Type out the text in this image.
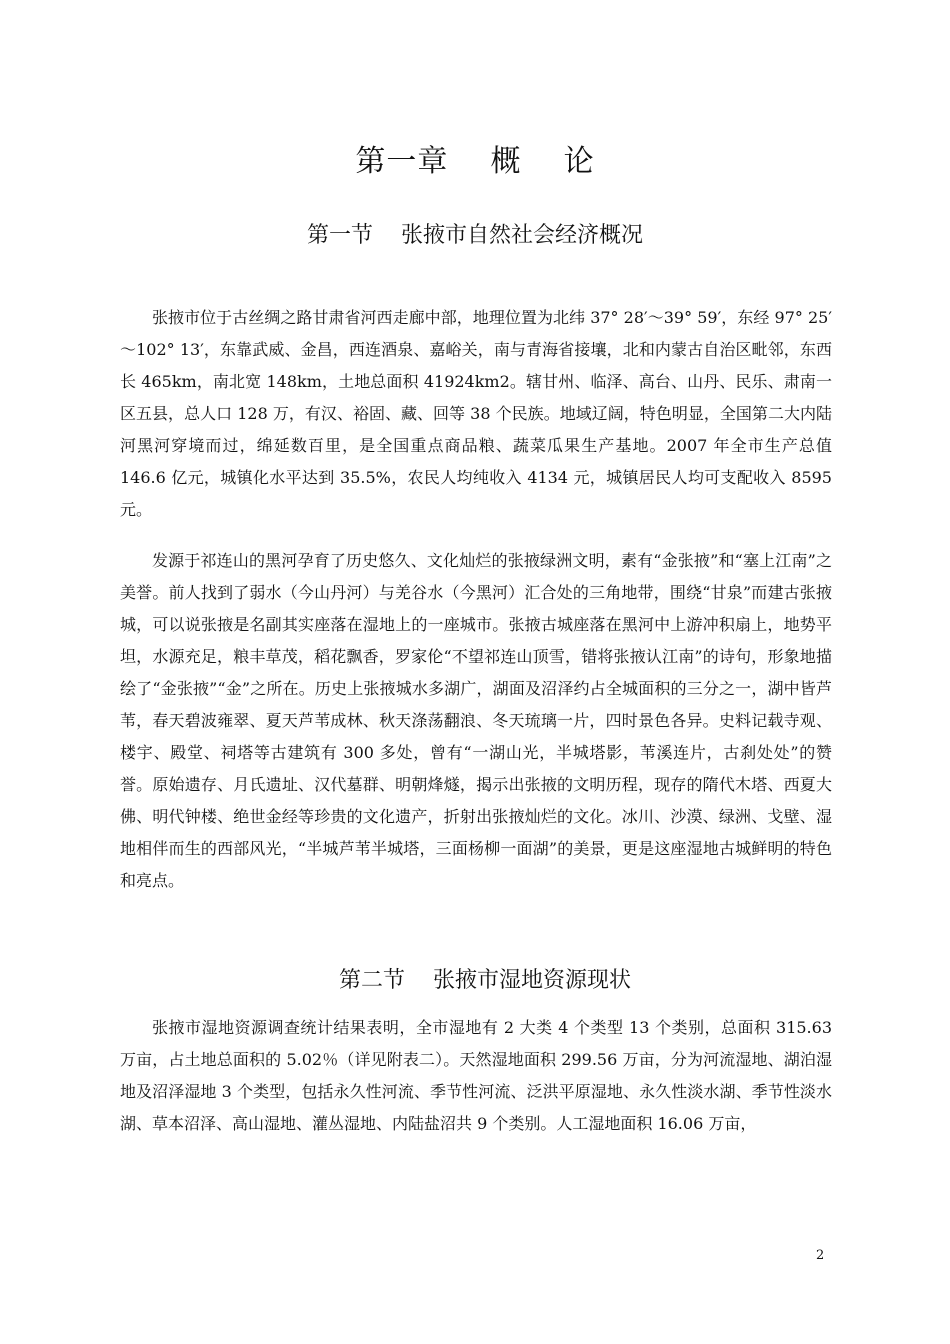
第一章    概    论
第一节    张掖市自然社会经济概况

张掖市位于古丝绸之路甘肃省河西走廊中部，地理位置为北纬 37° 28′～39° 59′，东经 97° 25′～102° 13′，东靠武威、金昌，西连酒泉、嘉峪关，南与青海省接壤，北和内蒙古自治区毗邻，东西长 465km，南北宽 148km，土地总面积 41924km2。辖甘州、临泽、高台、山丹、民乐、肃南一区五县，总人口 128 万，有汉、裕固、藏、回等 38 个民族。地域辽阔，特色明显，全国第二大内陆河黑河穿境而过，绵延数百里，是全国重点商品粮、蔬菜瓜果生产基地。2007 年全市生产总值 146.6 亿元，城镇化水平达到 35.5%，农民人均纯收入 4134 元，城镇居民人均可支配收入 8595 元。

发源于祁连山的黑河孕育了历史悠久、文化灿烂的张掖绿洲文明，素有“金张掖”和“塞上江南”之美誉。前人找到了弱水（今山丹河）与羌谷水（今黑河）汇合处的三角地带，围绕“甘泉”而建古张掖城，可以说张掖是名副其实座落在湿地上的一座城市。张掖古城座落在黑河中上游冲积扇上，地势平坦，水源充足，粮丰草茂，稻花飘香，罗家伦“不望祁连山顶雪，错将张掖认江南”的诗句，形象地描绘了“金张掖”“金”之所在。历史上张掖城水多湖广，湖面及沼泽约占全城面积的三分之一，湖中皆芦苇，春天碧波雍翠、夏天芦苇成林、秋天涤荡翻浪、冬天琉璃一片，四时景色各异。史料记载寺观、楼宇、殿堂、祠塔等古建筑有 300 多处，曾有“一湖山光，半城塔影，苇溪连片，古刹处处”的赞誉。原始遗存、月氏遗址、汉代墓群、明朝烽燧，揭示出张掖的文明历程，现存的隋代木塔、西夏大佛、明代钟楼、绝世金经等珍贵的文化遗产，折射出张掖灿烂的文化。冰川、沙漠、绿洲、戈壁、湿地相伴而生的西部风光，“半城芦苇半城塔，三面杨柳一面湖”的美景，更是这座湿地古城鲜明的特色和亮点。

第二节    张掖市湿地资源现状

张掖市湿地资源调查统计结果表明，全市湿地有 2 大类 4 个类型 13 个类别，总面积 315.63 万亩，占土地总面积的 5.02％（详见附表二）。天然湿地面积 299.56 万亩，分为河流湿地、湖泊湿地及沼泽湿地 3 个类型，包括永久性河流、季节性河流、泛洪平原湿地、永久性淡水湖、季节性淡水湖、草本沼泽、高山湿地、灌丛湿地、内陆盐沼共 9 个类别。人工湿地面积 16.06 万亩，

2
